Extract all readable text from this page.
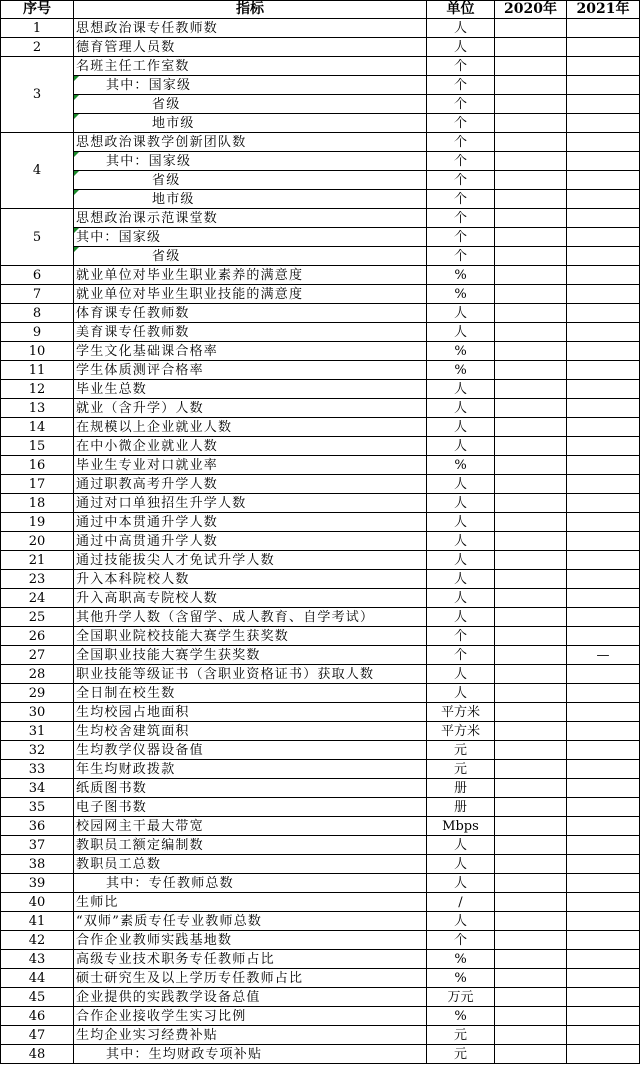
序号	指标	单位	2020年	2021年
1	思想政治课专任教师数	人		
2	德育管理人员数	人		
3	名班主任工作室数	个		
	其中：国家级	个		
	省级	个		
	地市级	个		
4	思想政治课教学创新团队数	个		
	其中：国家级	个		
	省级	个		
	地市级	个		
5	思想政治课示范课堂数	个		
	其中：国家级	个		
	省级	个		
6	就业单位对毕业生职业素养的满意度	%		
7	就业单位对毕业生职业技能的满意度	%		
8	体育课专任教师数	人		
9	美育课专任教师数	人		
10	学生文化基础课合格率	%		
11	学生体质测评合格率	%		
12	毕业生总数	人		
13	就业（含升学）人数	人		
14	在规模以上企业就业人数	人		
15	在中小微企业就业人数	人		
16	毕业生专业对口就业率	%		
17	通过职教高考升学人数	人		
18	通过对口单独招生升学人数	人		
19	通过中本贯通升学人数	人		
20	通过中高贯通升学人数	人		
21	通过技能拔尖人才免试升学人数	人		
23	升入本科院校人数	人		
24	升入高职高专院校人数	人		
25	其他升学人数（含留学、成人教育、自学考试）	人		
26	全国职业院校技能大赛学生获奖数	个		
27	全国职业技能大赛学生获奖数	个		—
28	职业技能等级证书（含职业资格证书）获取人数	人		
29	全日制在校生数	人		
30	生均校园占地面积	平方米		
31	生均校舍建筑面积	平方米		
32	生均教学仪器设备值	元		
33	年生均财政拨款	元		
34	纸质图书数	册		
35	电子图书数	册		
36	校园网主干最大带宽	Mbps		
37	教职员工额定编制数	人		
38	教职员工总数	人		
39	其中：专任教师总数	人		
40	生师比	/		
41	“双师”素质专任专业教师总数	人		
42	合作企业教师实践基地数	个		
43	高级专业技术职务专任教师占比	%		
44	硕士研究生及以上学历专任教师占比	%		
45	企业提供的实践教学设备总值	万元		
46	合作企业接收学生实习比例	%		
47	生均企业实习经费补贴	元		
48	其中：生均财政专项补贴	元		
